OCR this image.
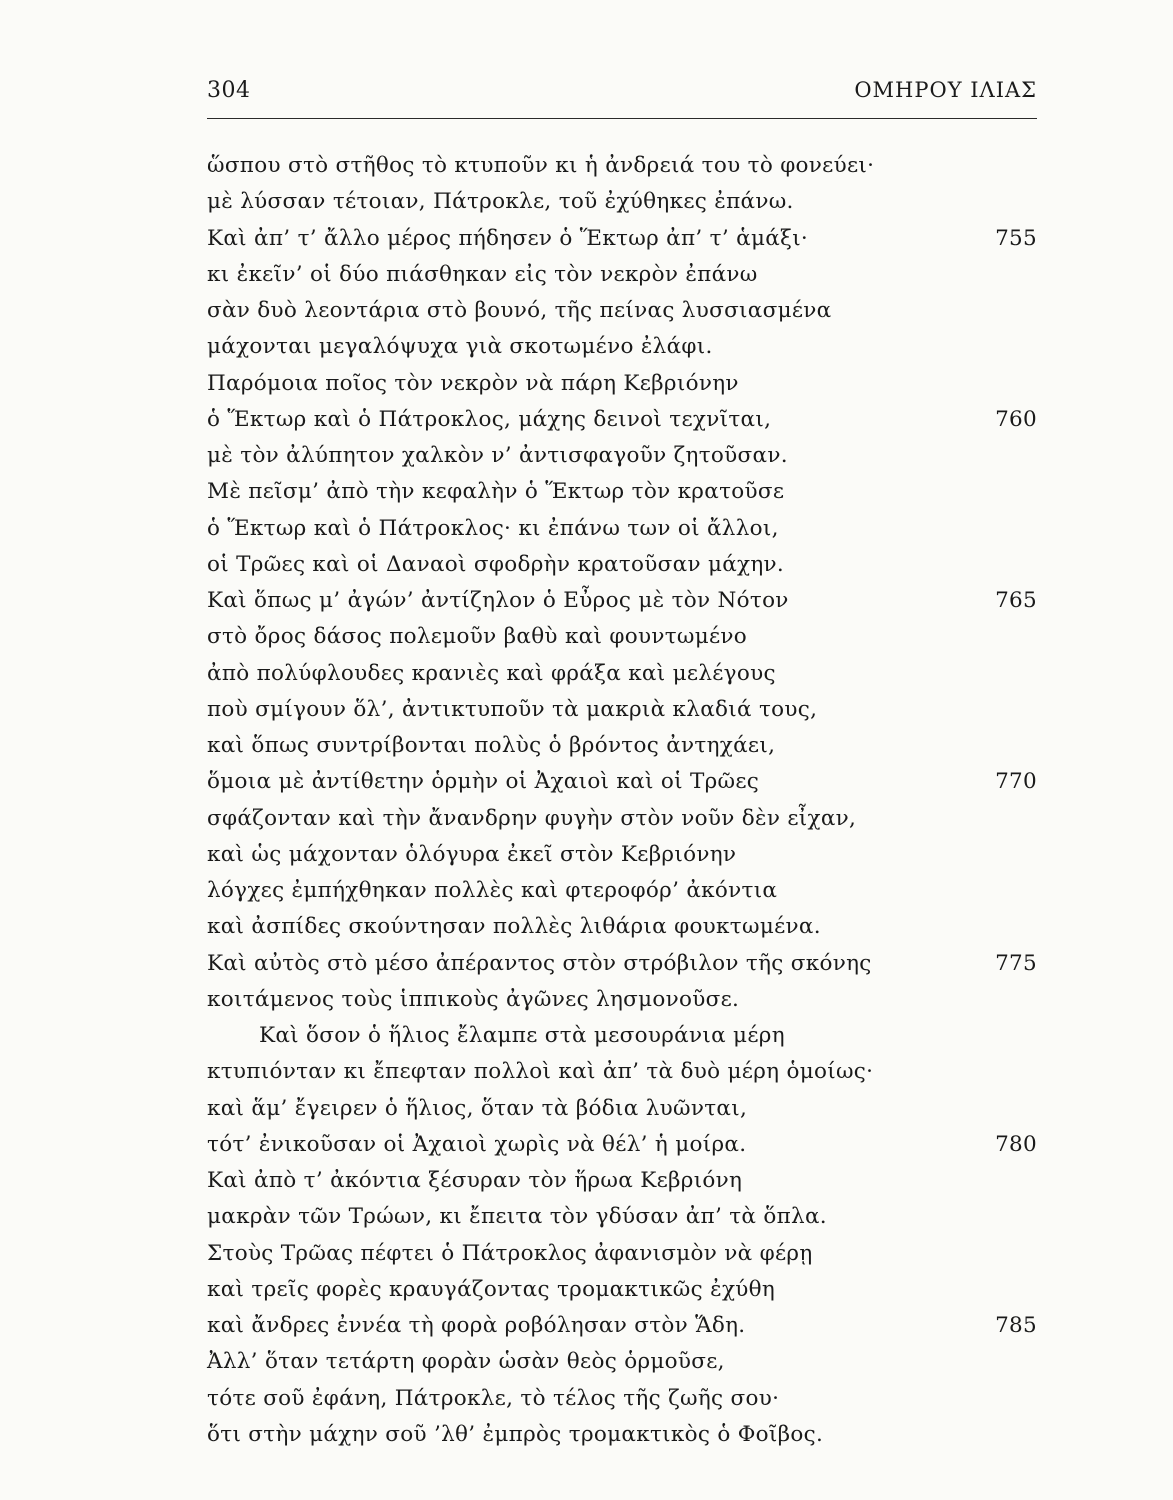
304	ΟΜΗΡΟΥ ΙΛΙΑΣ
ὥσπου στὸ στῆθος τὸ κτυποῦν κι ἡ ἀνδρειά του τὸ φονεύει·
μὲ λύσσαν τέτοιαν, Πάτροκλε, τοῦ ἐχύθηκες ἐπάνω.
Καὶ ἀπ’ τ’ ἄλλο μέρος πήδησεν ὁ Ἕκτωρ ἀπ’ τ’ ἁμάξι·	755
κι ἐκεῖν’ οἱ δύο πιάσθηκαν εἰς τὸν νεκρὸν ἐπάνω
σὰν δυὸ λεοντάρια στὸ βουνό, τῆς πείνας λυσσιασμένα
μάχονται μεγαλόψυχα γιὰ σκοτωμένο ἐλάφι.
Παρόμοια ποῖος τὸν νεκρὸν νὰ πάρη Κεβριόνην
ὁ Ἕκτωρ καὶ ὁ Πάτροκλος, μάχης δεινοὶ τεχνῖται,	760
μὲ τὸν ἀλύπητον χαλκὸν ν’ ἀντισφαγοῦν ζητοῦσαν.
Μὲ πεῖσμ’ ἀπὸ τὴν κεφαλὴν ὁ Ἕκτωρ τὸν κρατοῦσε
ὁ Ἕκτωρ καὶ ὁ Πάτροκλος· κι ἐπάνω των οἱ ἄλλοι,
οἱ Τρῶες καὶ οἱ Δαναοὶ σφοδρὴν κρατοῦσαν μάχην.
Καὶ ὅπως μ’ ἀγών’ ἀντίζηλον ὁ Εὖρος μὲ τὸν Νότον	765
στὸ ὄρος δάσος πολεμοῦν βαθὺ καὶ φουντωμένο
ἀπὸ πολύφλουδες κρανιὲς καὶ φράξα καὶ μελέγους
ποὺ σμίγουν ὅλ’, ἀντικτυποῦν τὰ μακριὰ κλαδιά τους,
καὶ ὅπως συντρίβονται πολὺς ὁ βρόντος ἀντηχάει,
ὅμοια μὲ ἀντίθετην ὁρμὴν οἱ Ἀχαιοὶ καὶ οἱ Τρῶες	770
σφάζονταν καὶ τὴν ἄνανδρην φυγὴν στὸν νοῦν δὲν εἶχαν,
καὶ ὡς μάχονταν ὁλόγυρα ἐκεῖ στὸν Κεβριόνην
λόγχες ἐμπήχθηκαν πολλὲς καὶ φτεροφόρ’ ἀκόντια
καὶ ἀσπίδες σκούντησαν πολλὲς λιθάρια φουκτωμένα.
Καὶ αὐτὸς στὸ μέσο ἀπέραντος στὸν στρόβιλον τῆς σκόνης	775
κοιτάμενος τοὺς ἱππικοὺς ἀγῶνες λησμονοῦσε.
Καὶ ὅσον ὁ ἥλιος ἔλαμπε στὰ μεσουράνια μέρη
κτυπιόνταν κι ἔπεφταν πολλοὶ καὶ ἀπ’ τὰ δυὸ μέρη ὁμοίως·
καὶ ἅμ’ ἔγειρεν ὁ ἥλιος, ὅταν τὰ βόδια λυῶνται,
τότ’ ἐνικοῦσαν οἱ Ἀχαιοὶ χωρὶς νὰ θέλ’ ἡ μοίρα.	780
Καὶ ἀπὸ τ’ ἀκόντια ξέσυραν τὸν ἥρωα Κεβριόνη
μακρὰν τῶν Τρώων, κι ἔπειτα τὸν γδύσαν ἀπ’ τὰ ὅπλα.
Στοὺς Τρῶας πέφτει ὁ Πάτροκλος ἀφανισμὸν νὰ φέρῃ
καὶ τρεῖς φορὲς κραυγάζοντας τρομακτικῶς ἐχύθη
καὶ ἄνδρες ἐννέα τὴ φορὰ ροβόλησαν στὸν Ἅδη.	785
Ἀλλ’ ὅταν τετάρτη φορὰν ὡσὰν θεὸς ὁρμοῦσε,
τότε σοῦ ἐφάνη, Πάτροκλε, τὸ τέλος τῆς ζωῆς σου·
ὅτι στὴν μάχην σοῦ ’λθ’ ἐμπρὸς τρομακτικὸς ὁ Φοῖβος.
